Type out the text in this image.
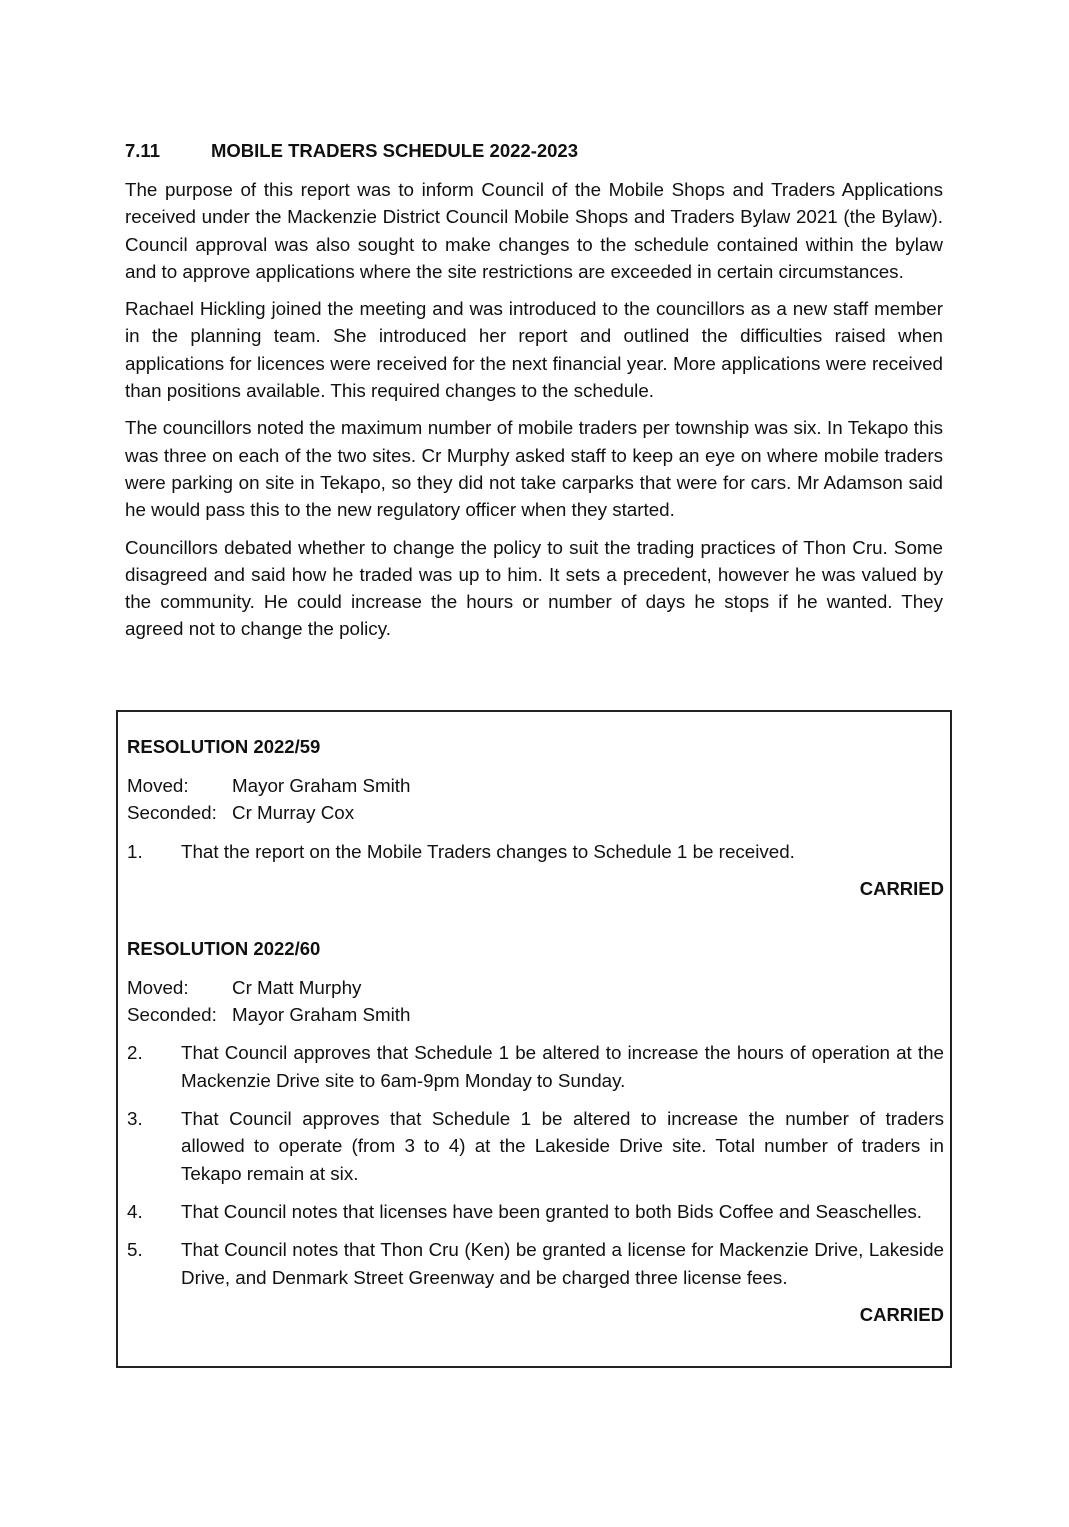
7.11	MOBILE TRADERS SCHEDULE 2022-2023

The purpose of this report was to inform Council of the Mobile Shops and Traders Applications received under the Mackenzie District Council Mobile Shops and Traders Bylaw 2021 (the Bylaw). Council approval was also sought to make changes to the schedule contained within the bylaw and to approve applications where the site restrictions are exceeded in certain circumstances.

Rachael Hickling joined the meeting and was introduced to the councillors as a new staff member in the planning team. She introduced her report and outlined the difficulties raised when applications for licences were received for the next financial year. More applications were received than positions available. This required changes to the schedule.

The councillors noted the maximum number of mobile traders per township was six. In Tekapo this was three on each of the two sites. Cr Murphy asked staff to keep an eye on where mobile traders were parking on site in Tekapo, so they did not take carparks that were for cars. Mr Adamson said he would pass this to the new regulatory officer when they started.

Councillors debated whether to change the policy to suit the trading practices of Thon Cru. Some disagreed and said how he traded was up to him. It sets a precedent, however he was valued by the community. He could increase the hours or number of days he stops if he wanted. They agreed not to change the policy.

RESOLUTION 2022/59
Moved:	Mayor Graham Smith
Seconded: Cr Murray Cox
1.	That the report on the Mobile Traders changes to Schedule 1 be received.
CARRIED
RESOLUTION 2022/60
Moved:	Cr Matt Murphy
Seconded: Mayor Graham Smith
2.	That Council approves that Schedule 1 be altered to increase the hours of operation at the Mackenzie Drive site to 6am-9pm Monday to Sunday.
3.	That Council approves that Schedule 1 be altered to increase the number of traders allowed to operate (from 3 to 4) at the Lakeside Drive site. Total number of traders in Tekapo remain at six.
4.	That Council notes that licenses have been granted to both Bids Coffee and Seaschelles.
5.	That Council notes that Thon Cru (Ken) be granted a license for Mackenzie Drive, Lakeside Drive, and Denmark Street Greenway and be charged three license fees.
CARRIED
